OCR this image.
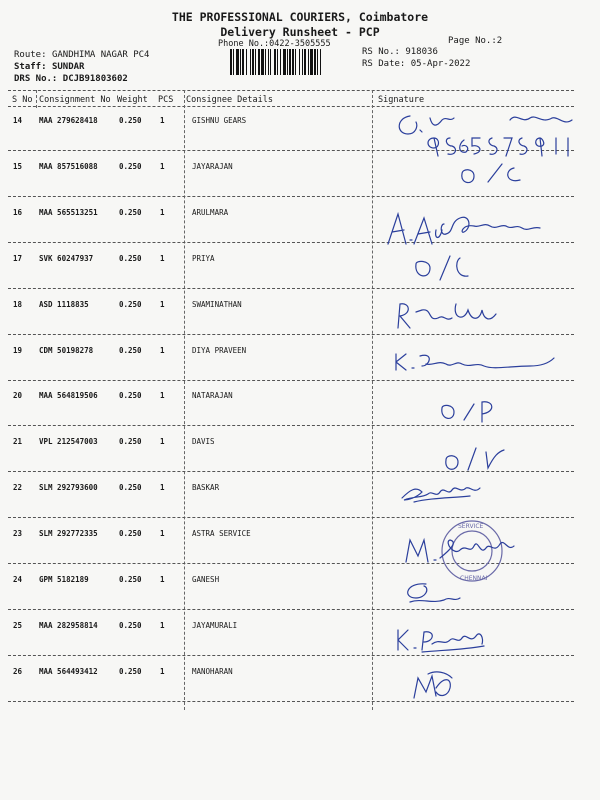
THE PROFESSIONAL COURIERS, Coimbatore
Delivery Runsheet - PCP
Phone No.:0422-3505555	Page No.:2
Route: GANDHIMA NAGAR PC4
Staff: SUNDAR
DRS No.: DCJB91803602
RS No.: 918036
RS Date: 05-Apr-2022
S No Consignment No Weight PCS Consignee Details	Signature
14 MAA 279628418	0.250 1	GISHNU GEARS
15 MAA 857516088	0.250 1	JAYARAJAN
16 MAA 565513251	0.250 1	ARULMARA
17 SVK 60247937	0.250 1	PRIYA
18 ASD 1118835	0.250 1	SWAMINATHAN
19 CDM 50198278	0.250 1	DIYA PRAVEEN
20 MAA 564819506	0.250 1	NATARAJAN
21 VPL 212547003	0.250 1	DAVIS
22 SLM 292793600	0.250 1	BASKAR
23 SLM 292772335	0.250 1	ASTRA SERVICE
24 GPM 5182189	0.250 1	GANESH
25 MAA 282958814	0.250 1	JAYAMURALI
26 MAA 564493412	0.250 1	MANOHARAN
SERVICE
CHENNAI
